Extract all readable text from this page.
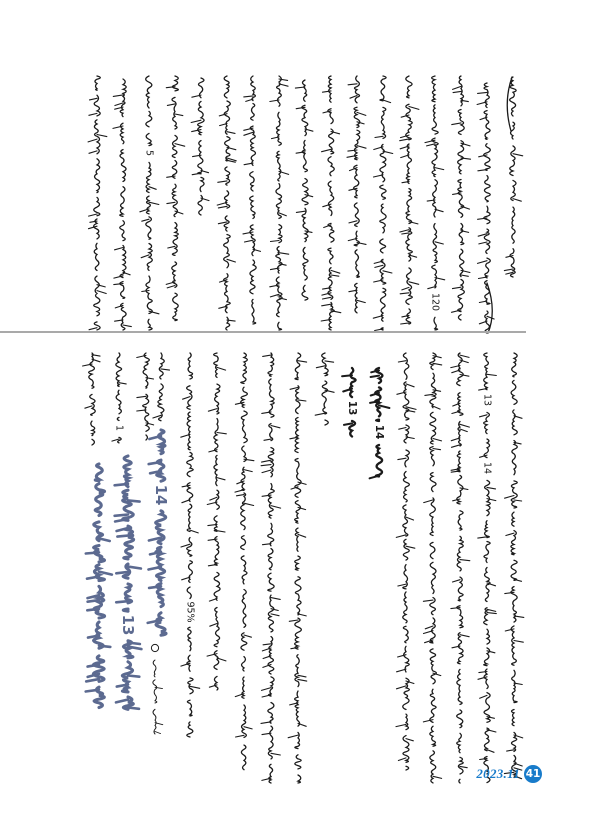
5
120
1
95%
13
14
13
14
14
13
2023.11 41
